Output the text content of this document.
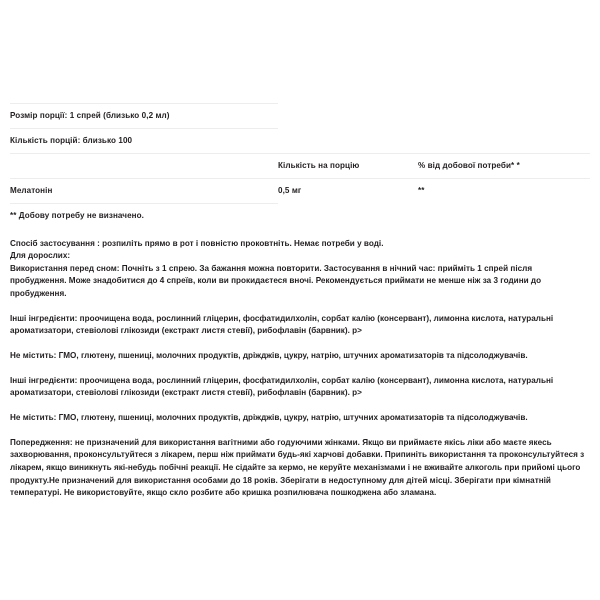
Розмір порції: 1 спрей (близько 0,2 мл)		
Кількість порцій: близько 100		
	Кількість на порцію	% від добової потреби* *
Мелатонін	0,5 мг	**
** Добову потребу не визначено.		

Спосіб застосування : розпиліть прямо в рот і повністю проковтніть. Немає потреби у воді.
Для дорослих:
Використання перед сном: Почніть з 1 спрею. За бажання можна повторити. Застосування в нічний час: прийміть 1 спрей після пробудження. Може знадобитися до 4 спреїв, коли ви прокидаєтеся вночі. Рекомендується приймати не менше ніж за 3 години до пробудження.

Інші інгредієнти: проочищена вода, рослинний гліцерин, фосфатидилхолін, сорбат калію (консервант), лимонна кислота, натуральні ароматизатори, стевіолові глікозиди (екстракт листя стевії), рибофлавін (барвник). p>

Не містить: ГМО, глютену, пшениці, молочних продуктів, дріжджів, цукру, натрію, штучних ароматизаторів та підсолоджувачів.

Інші інгредієнти: проочищена вода, рослинний гліцерин, фосфатидилхолін, сорбат калію (консервант), лимонна кислота, натуральні ароматизатори, стевіолові глікозиди (екстракт листя стевії), рибофлавін (барвник). p>

Не містить: ГМО, глютену, пшениці, молочних продуктів, дріжджів, цукру, натрію, штучних ароматизаторів та підсолоджувачів.

Попередження: не призначений для використання вагітними або годуючими жінками. Якщо ви приймаєте якісь ліки або маєте якесь захворювання, проконсультуйтеся з лікарем, перш ніж приймати будь-які харчові добавки. Припиніть використання та проконсультуйтеся з лікарем, якщо виникнуть які-небудь побічні реакції. Не сідайте за кермо, не керуйте механізмами і не вживайте алкоголь при прийомі цього продукту.Не призначений для використання особами до 18 років. Зберігати в недоступному для дітей місці. Зберігати при кімнатній температурі. Не використовуйте, якщо скло розбите або кришка розпилювача пошкоджена або зламана.
